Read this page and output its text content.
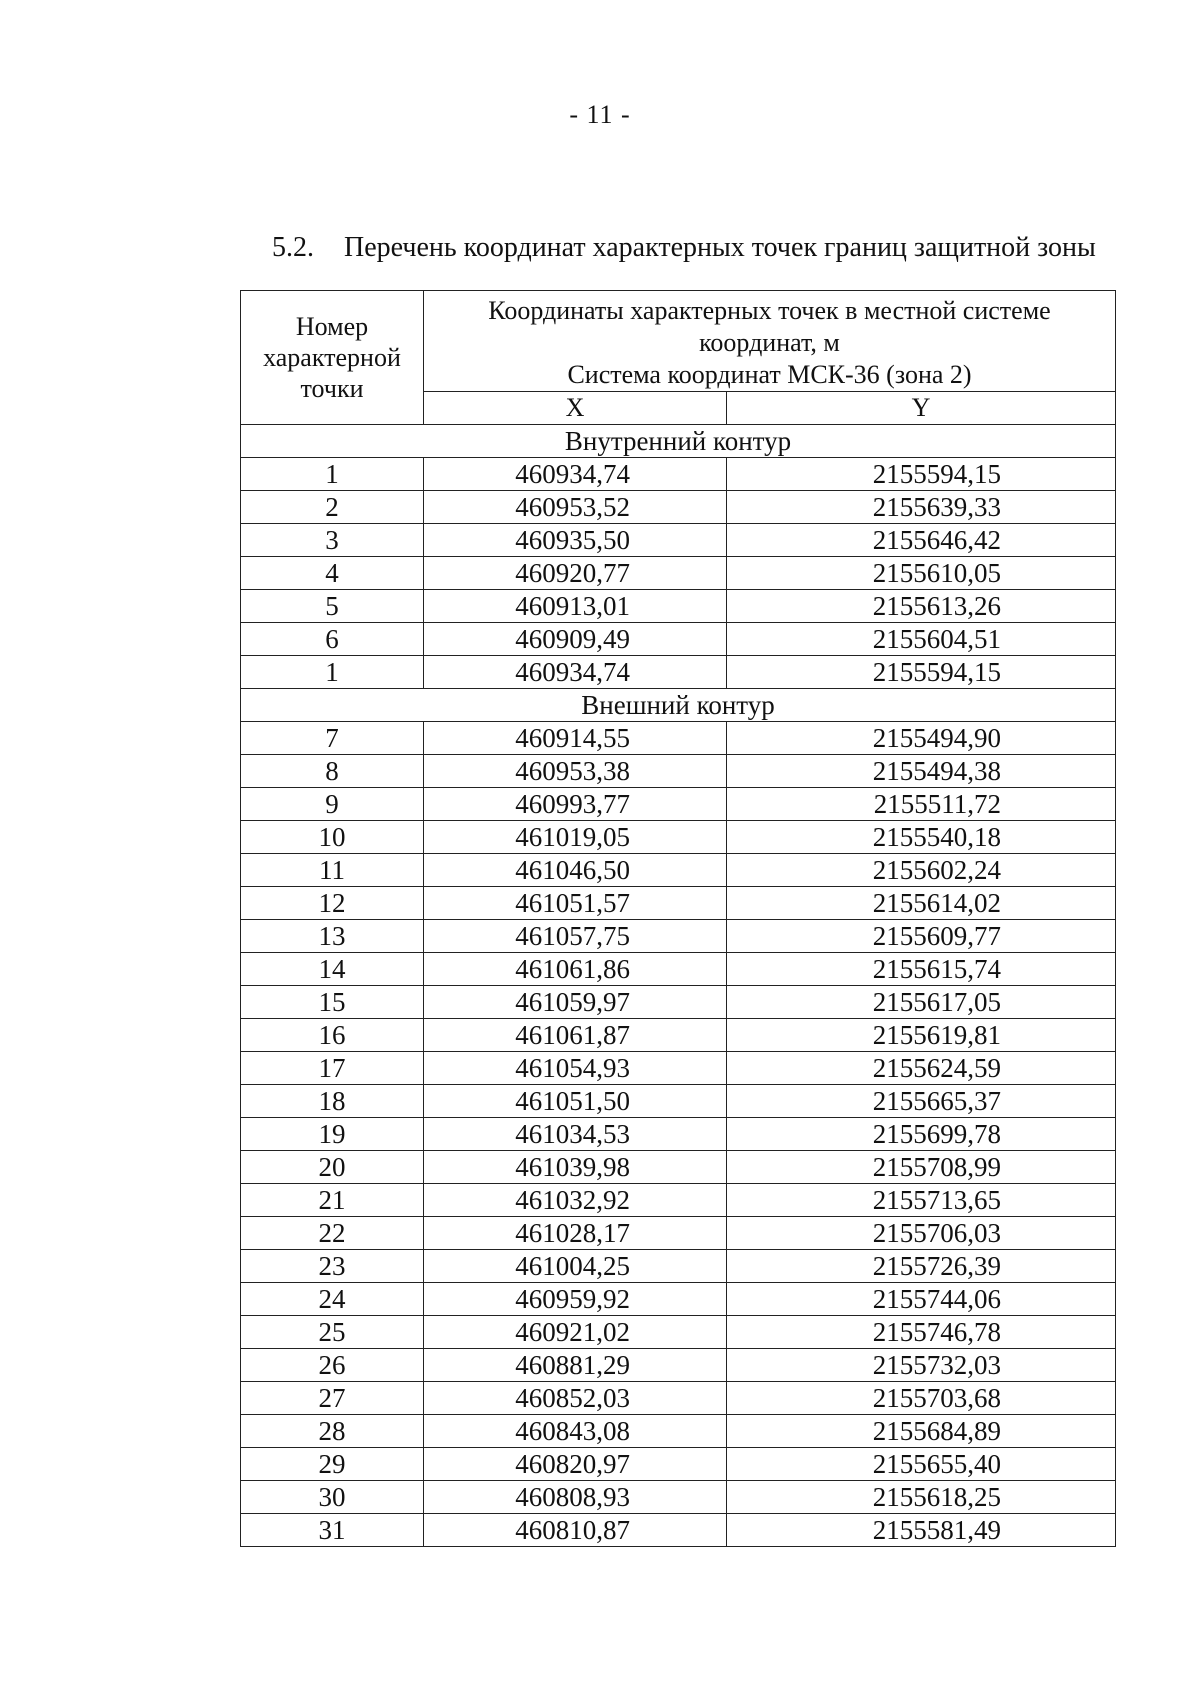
- 11 -
5.2. Перечень координат характерных точек границ защитной зоны
Номер характерной точки	Координаты характерных точек в местной системе координат, м
Система координат МСК-36 (зона 2)	

	X	Y
Внутренний контур		
1	460934,74	2155594,15
2	460953,52	2155639,33
3	460935,50	2155646,42
4	460920,77	2155610,05
5	460913,01	2155613,26
6	460909,49	2155604,51
1	460934,74	2155594,15
Внешний контур		
7	460914,55	2155494,90
8	460953,38	2155494,38
9	460993,77	2155511,72
10	461019,05	2155540,18
11	461046,50	2155602,24
12	461051,57	2155614,02
13	461057,75	2155609,77
14	461061,86	2155615,74
15	461059,97	2155617,05
16	461061,87	2155619,81
17	461054,93	2155624,59
18	461051,50	2155665,37
19	461034,53	2155699,78
20	461039,98	2155708,99
21	461032,92	2155713,65
22	461028,17	2155706,03
23	461004,25	2155726,39
24	460959,92	2155744,06
25	460921,02	2155746,78
26	460881,29	2155732,03
27	460852,03	2155703,68
28	460843,08	2155684,89
29	460820,97	2155655,40
30	460808,93	2155618,25
31	460810,87	2155581,49
